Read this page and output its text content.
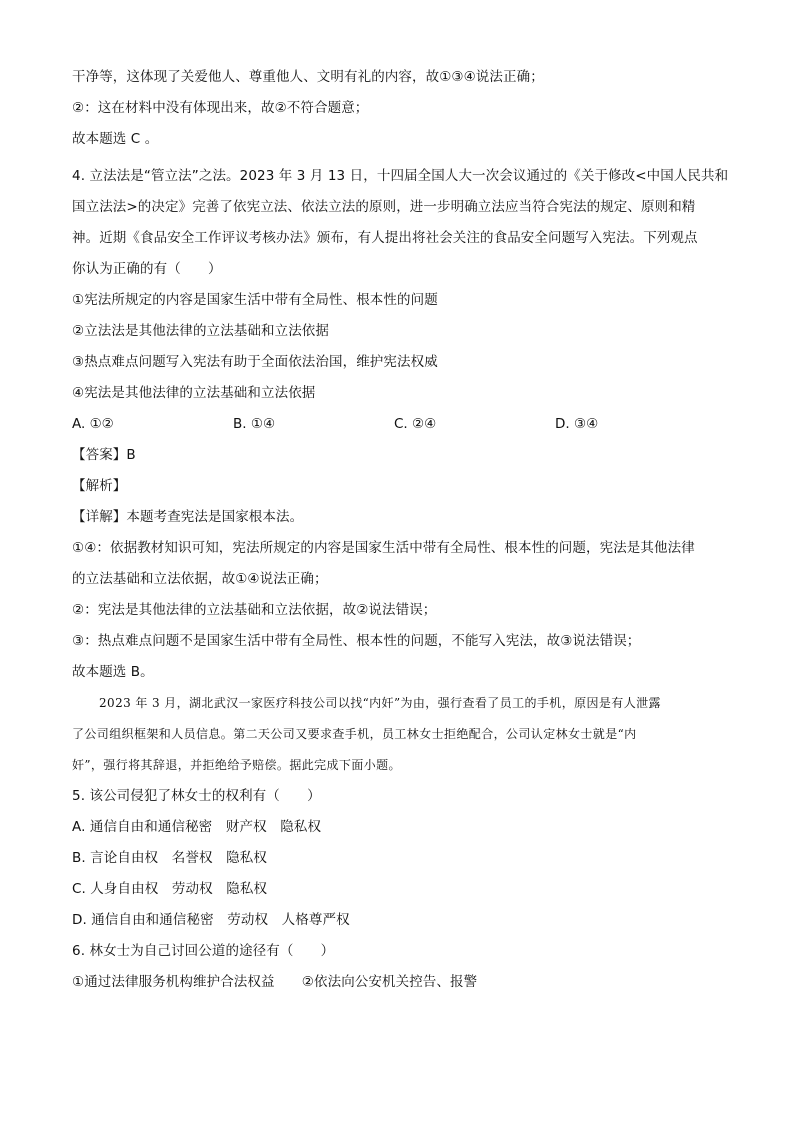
干净等，这体现了关爱他人、尊重他人、文明有礼的内容，故①③④说法正确；
②：这在材料中没有体现出来，故②不符合题意；
故本题选 C 。
4. 立法法是“管立法”之法。2023 年 3 月 13 日，十四届全国人大一次会议通过的《关于修改<中国人民共和
国立法法>的决定》完善了依宪立法、依法立法的原则，进一步明确立法应当符合宪法的规定、原则和精
神。近期《食品安全工作评议考核办法》颁布，有人提出将社会关注的食品安全问题写入宪法。下列观点
你认为正确的有（　　）
①宪法所规定的内容是国家生活中带有全局性、根本性的问题
②立法法是其他法律的立法基础和立法依据
③热点难点问题写入宪法有助于全面依法治国，维护宪法权威
④宪法是其他法律的立法基础和立法依据
A. ①②	B. ①④	C. ②④	D. ③④
【答案】B
【解析】
【详解】本题考查宪法是国家根本法。
①④：依据教材知识可知，宪法所规定的内容是国家生活中带有全局性、根本性的问题，宪法是其他法律
的立法基础和立法依据，故①④说法正确；
②：宪法是其他法律的立法基础和立法依据，故②说法错误；
③：热点难点问题不是国家生活中带有全局性、根本性的问题，不能写入宪法，故③说法错误；
故本题选 B。
2023 年 3 月，湖北武汉一家医疗科技公司以找“内奸”为由，强行查看了员工的手机，原因是有人泄露
了公司组织框架和人员信息。第二天公司又要求查手机，员工林女士拒绝配合，公司认定林女士就是“内
奸”，强行将其辞退，并拒绝给予赔偿。据此完成下面小题。
5. 该公司侵犯了林女士的权利有（　　）
A. 通信自由和通信秘密　财产权　隐私权
B. 言论自由权　名誉权　隐私权
C. 人身自由权　劳动权　隐私权
D. 通信自由和通信秘密　劳动权　人格尊严权
6. 林女士为自己讨回公道的途径有（　　）
①通过法律服务机构维护合法权益　　②依法向公安机关控告、报警
